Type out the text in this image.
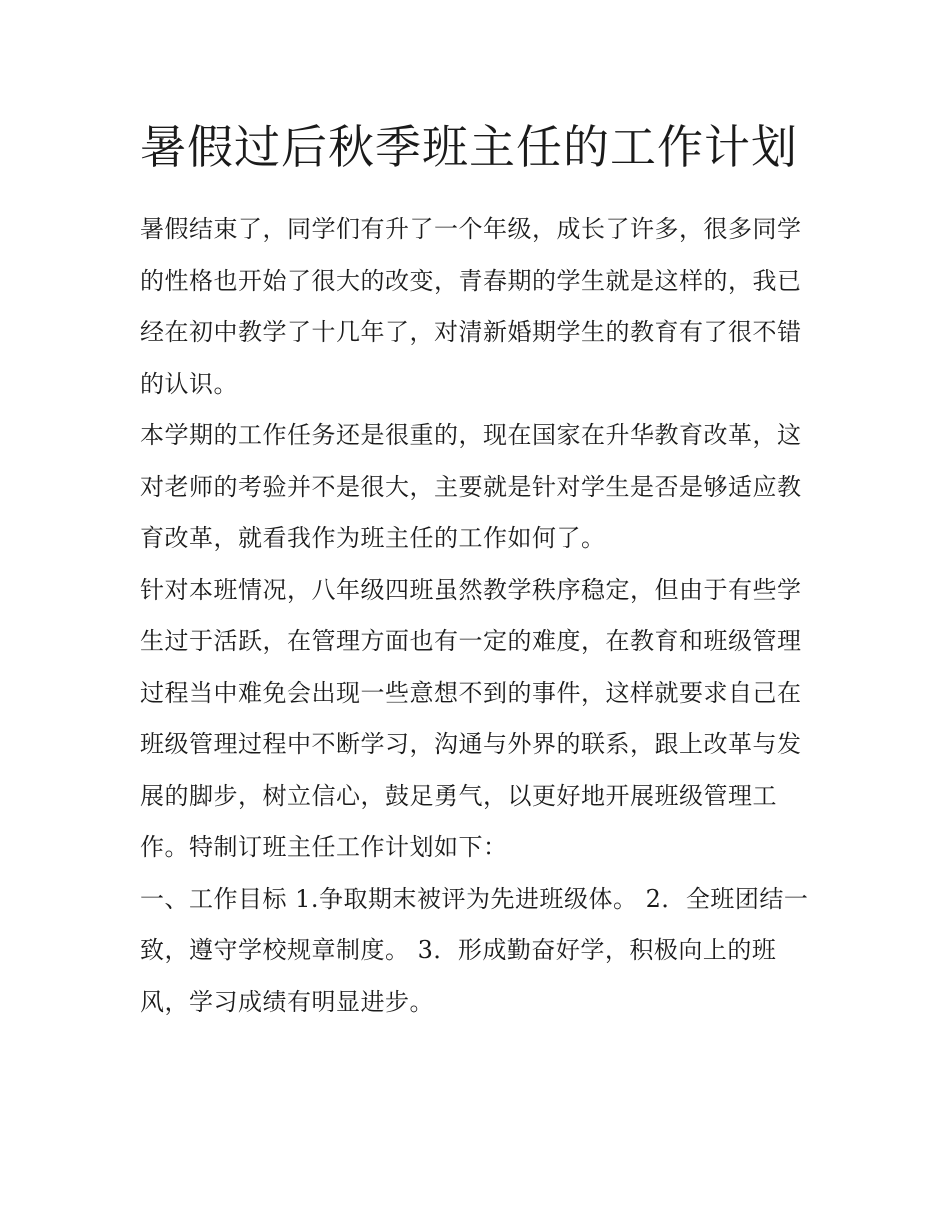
暑假过后秋季班主任的工作计划

暑假结束了，同学们有升了一个年级，成长了许多，很多同学的性格也开始了很大的改变，青春期的学生就是这样的，我已经在初中教学了十几年了，对清新婚期学生的教育有了很不错的认识。

本学期的工作任务还是很重的，现在国家在升华教育改革，这对老师的考验并不是很大，主要就是针对学生是否是够适应教育改革，就看我作为班主任的工作如何了。

针对本班情况，八年级四班虽然教学秩序稳定，但由于有些学生过于活跃，在管理方面也有一定的难度，在教育和班级管理过程当中难免会出现一些意想不到的事件，这样就要求自己在班级管理过程中不断学习，沟通与外界的联系，跟上改革与发展的脚步，树立信心，鼓足勇气，以更好地开展班级管理工作。特制订班主任工作计划如下：

一、工作目标 1.争取期末被评为先进班级体。 2．全班团结一致，遵守学校规章制度。 3．形成勤奋好学，积极向上的班风，学习成绩有明显进步。
